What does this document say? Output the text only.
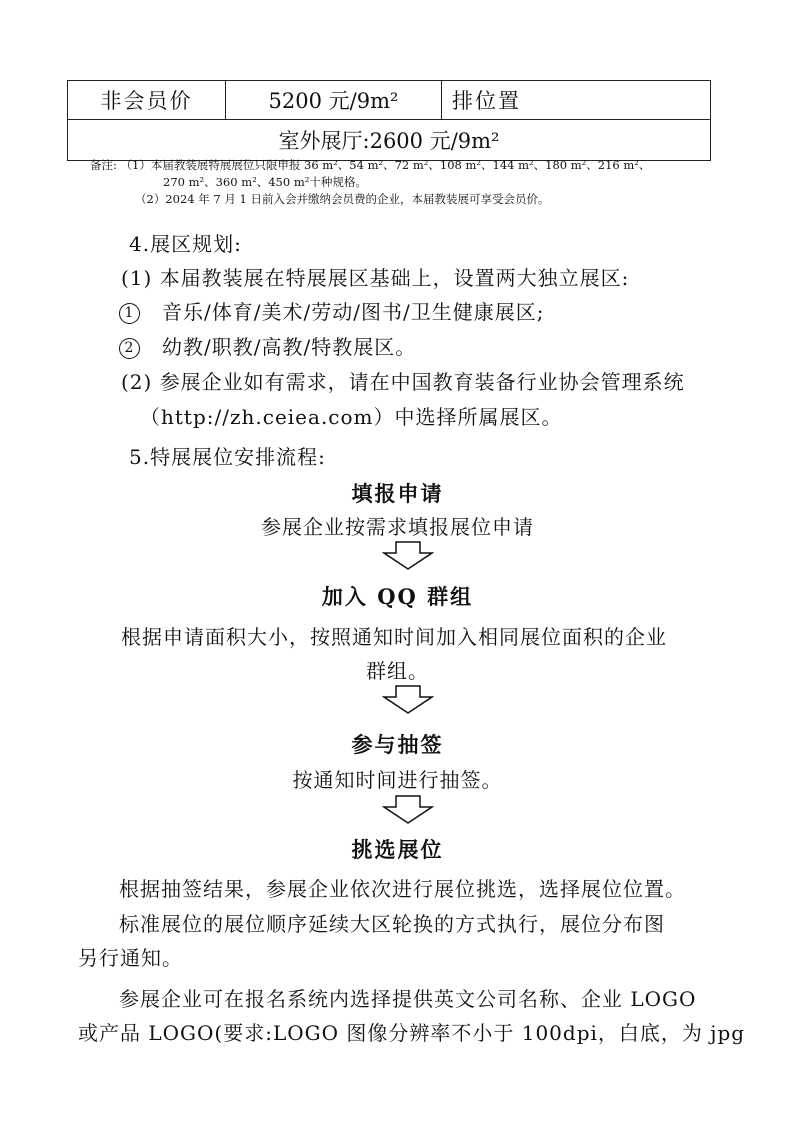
非会员价	5200 元/9m²	排位置
室外展厅:2600 元/9m²
备注: （1）本届教装展特展展位只限申报 36 m²、54 m²、72 m²、108 m²、144 m²、180 m²、216 m²、
270 m²、360 m²、450 m²十种规格。
（2）2024 年 7 月 1 日前入会并缴纳会员费的企业，本届教装展可享受会员价。
4.展区规划:
(1) 本届教装展在特展展区基础上，设置两大独立展区:
1 音乐/体育/美术/劳动/图书/卫生健康展区;
2 幼教/职教/高教/特教展区。
(2) 参展企业如有需求，请在中国教育装备行业协会管理系统
（http://zh.ceiea.com）中选择所属展区。
5.特展展位安排流程:
填报申请
参展企业按需求填报展位申请
加入 QQ 群组
根据申请面积大小，按照通知时间加入相同展位面积的企业
群组。
参与抽签
按通知时间进行抽签。
挑选展位
根据抽签结果，参展企业依次进行展位挑选，选择展位位置。
标准展位的展位顺序延续大区轮换的方式执行，展位分布图
另行通知。
参展企业可在报名系统内选择提供英文公司名称、企业 LOGO
或产品 LOGO(要求:LOGO 图像分辨率不小于 100dpi，白底，为 jpg
